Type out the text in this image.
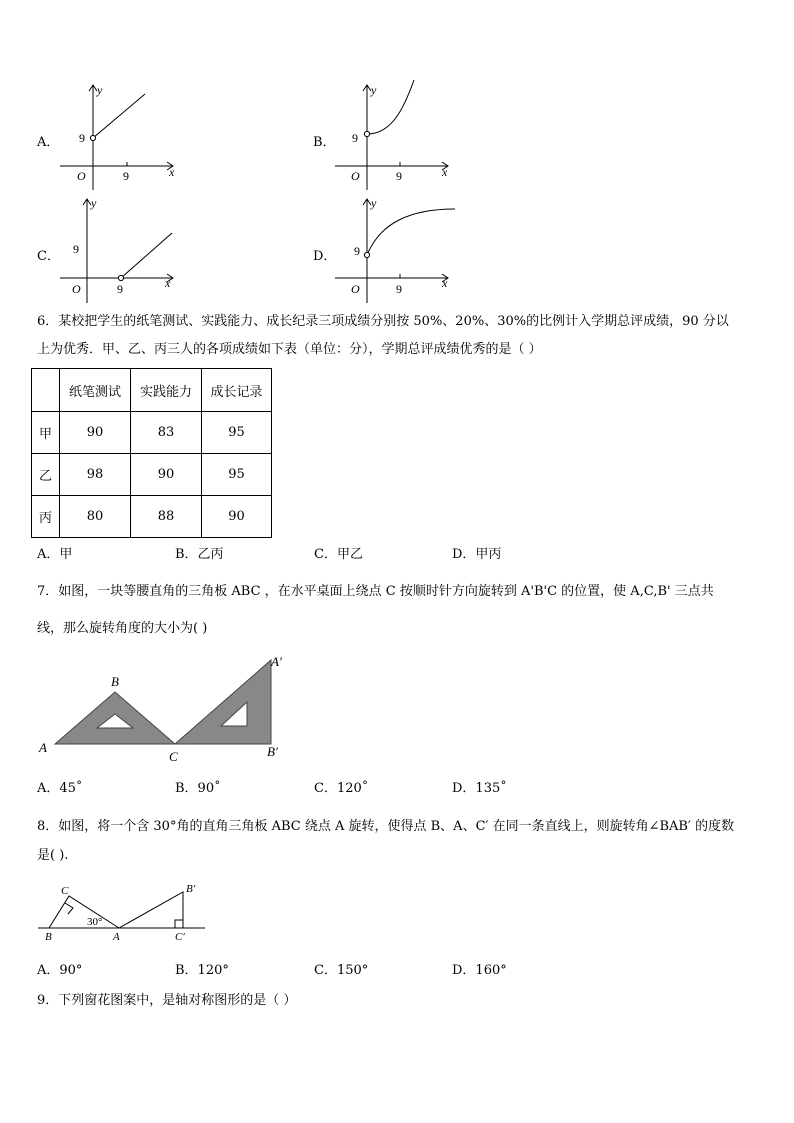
A．
y
x
O
9
9
B．
y
x
O
9
9
C．
y
x
O
9
9
D．
y
x
O
9
9
6．某校把学生的纸笔测试、实践能力、成长纪录三项成绩分别按 50%、20%、30%的比例计入学期总评成绩，90 分以
上为优秀．甲、乙、丙三人的各项成绩如下表（单位：分），学期总评成绩优秀的是（ ）
	纸笔测试	实践能力	成长记录
甲	90	83	95
乙	98	90	95
丙	80	88	90
A．甲	B．乙丙	C．甲乙	D．甲丙
7．如图，一块等腰直角的三角板 ABC ，在水平桌面上绕点 C 按顺时针方向旋转到 A'B'C 的位置，使 A,C,B' 三点共
线，那么旋转角度的大小为( )
A
B
C
A′
B′
A．45˚	B．90˚	C．120˚	D．135˚
8．如图，将一个含 30°角的直角三角板 ABC 绕点 A 旋转，使得点 B、A、C′ 在同一条直线上，则旋转角∠BAB′ 的度数
是( ).
C
B	A
30°
B′
C′
A．90°	B．120°	C．150°	D．160°
9．下列窗花图案中，是轴对称图形的是（ ）
